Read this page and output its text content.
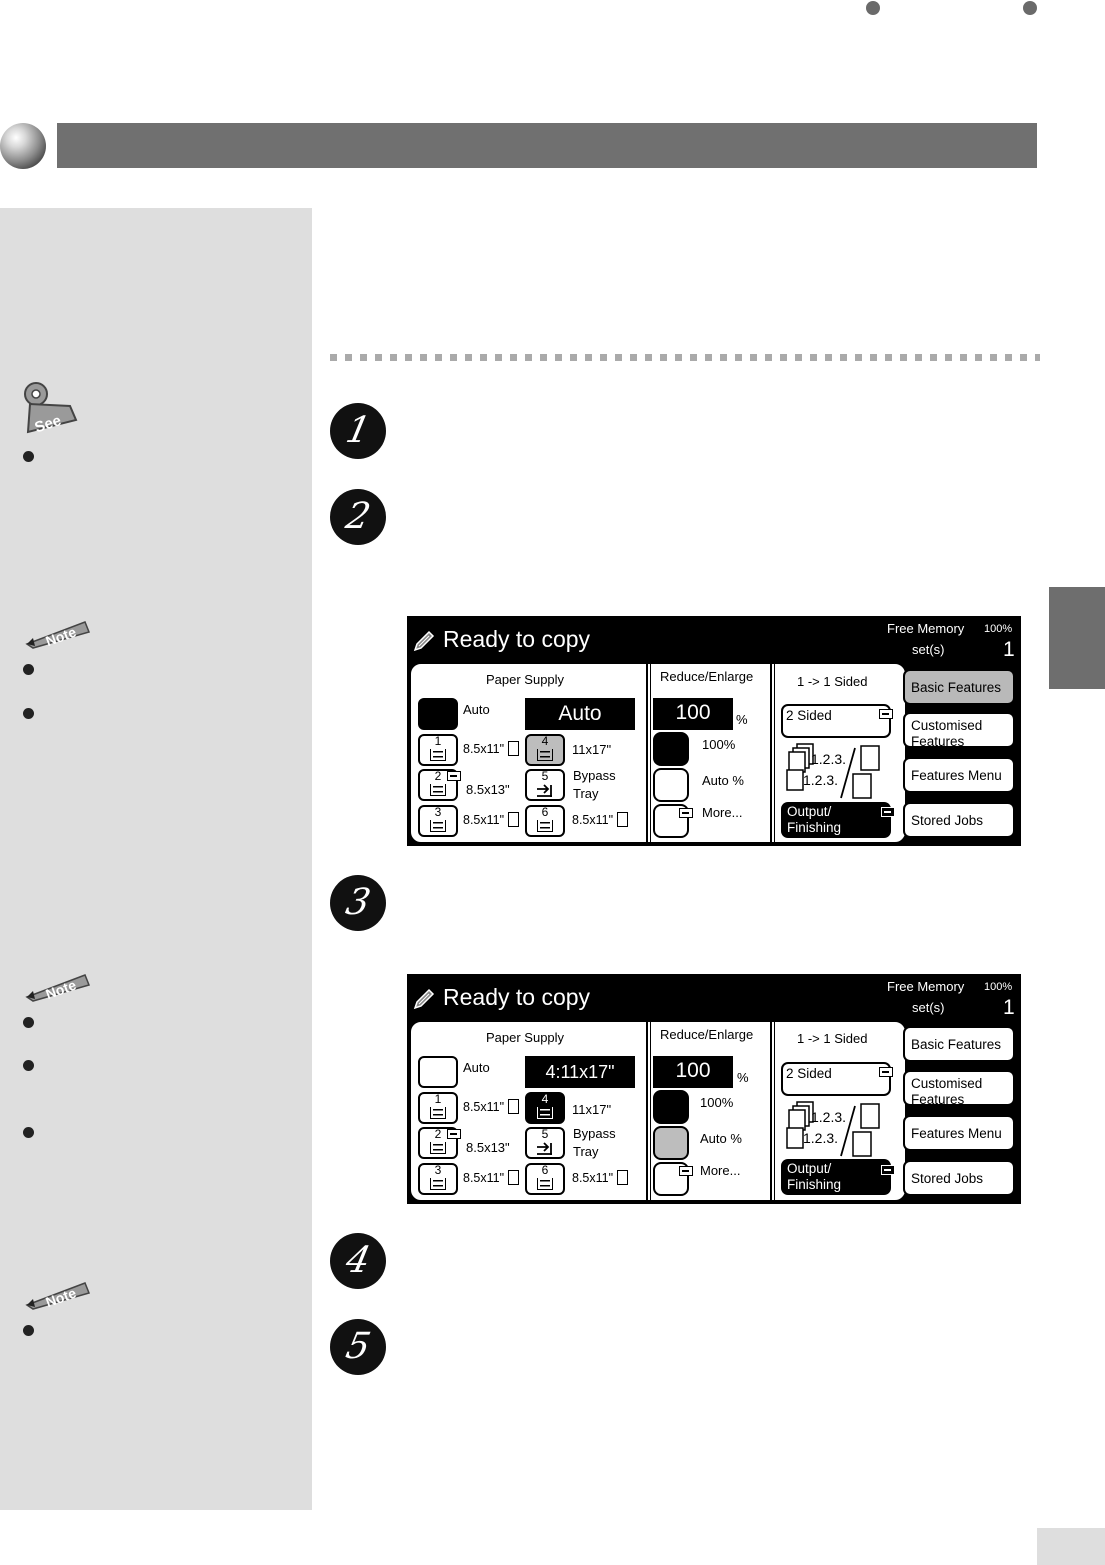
See
Note
Note
Note
1
2
3
4
5
Ready to copy	Free Memory 100%
set(s)	1
Paper Supply
Auto	Auto
1
8.5x11"
2
8.5x13"
3
8.5x11"
4
11x17"
5	Bypass
Tray
6
8.5x11"
Reduce/Enlarge
100	%
100%
Auto %
More...
1 -> 1 Sided
2 Sided
1.2.3.
1.2.3.
Output/
Finishing
Basic Features
Customised
Features
Features Menu
Stored Jobs
Ready to copy	Free Memory 100%
set(s)	1
Paper Supply
Auto	4:11x17"
1
8.5x11"
2
8.5x13"
3
8.5x11"
4
11x17"
5	Bypass
Tray
6
8.5x11"
Reduce/Enlarge
100	%
100%
Auto %
More...
1 -> 1 Sided
2 Sided
1.2.3.
1.2.3.
Output/
Finishing
Basic Features
Customised
Features
Features Menu
Stored Jobs
